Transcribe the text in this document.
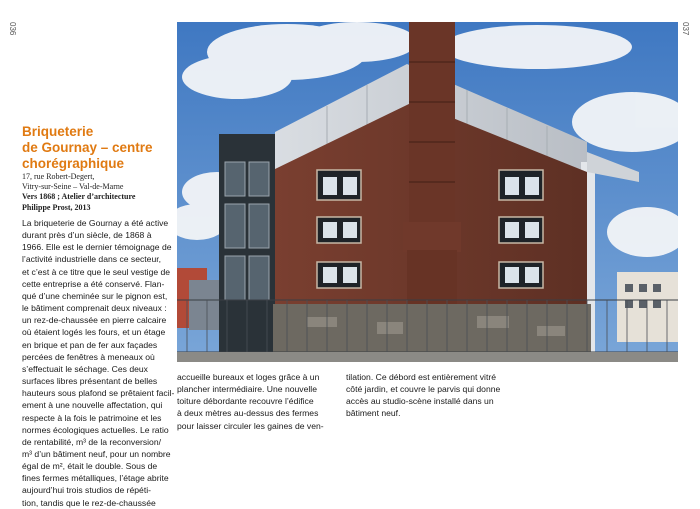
036	037
Briqueterie
de Gournay – centre
chorégraphique
17, rue Robert-Degert,
Vitry-sur-Seine – Val-de-Marne
Vers 1868 ; Atelier d’architecture
Philippe Prost, 2013
La briqueterie de Gournay a été active
durant près d’un siècle, de 1868 à
1966. Elle est le dernier témoignage de
l’activité industrielle dans ce secteur,
et c’est à ce titre que le seul vestige de
cette entreprise a été conservé. Flan-
qué d’une cheminée sur le pignon est,
le bâtiment comprenait deux niveaux :
un rez-de-chaussée en pierre calcaire
où étaient logés les fours, et un étage
en brique et pan de fer aux façades
percées de fenêtres à meneaux où
s’effectuait le séchage. Ces deux
surfaces libres présentant de belles
hauteurs sous plafond se prêtaient facil-
ement à une nouvelle affectation, qui
respecte à la fois le patrimoine et les
normes écologiques actuelles. Le ratio
de rentabilité, m³ de la reconversion/
m³ d’un bâtiment neuf, pour un nombre
égal de m², était le double. Sous de
fines fermes métalliques, l’étage abrite
aujourd’hui trois studios de répéti-
tion, tandis que le rez-de-chaussée
accueille bureaux et loges grâce à un
plancher intermédiaire. Une nouvelle
toiture débordante recouvre l’édifice
à deux mètres au-dessus des fermes
pour laisser circuler les gaines de ven-
tilation. Ce débord est entièrement vitré
côté jardin, et couvre le parvis qui donne
accès au studio-scène installé dans un
bâtiment neuf.
